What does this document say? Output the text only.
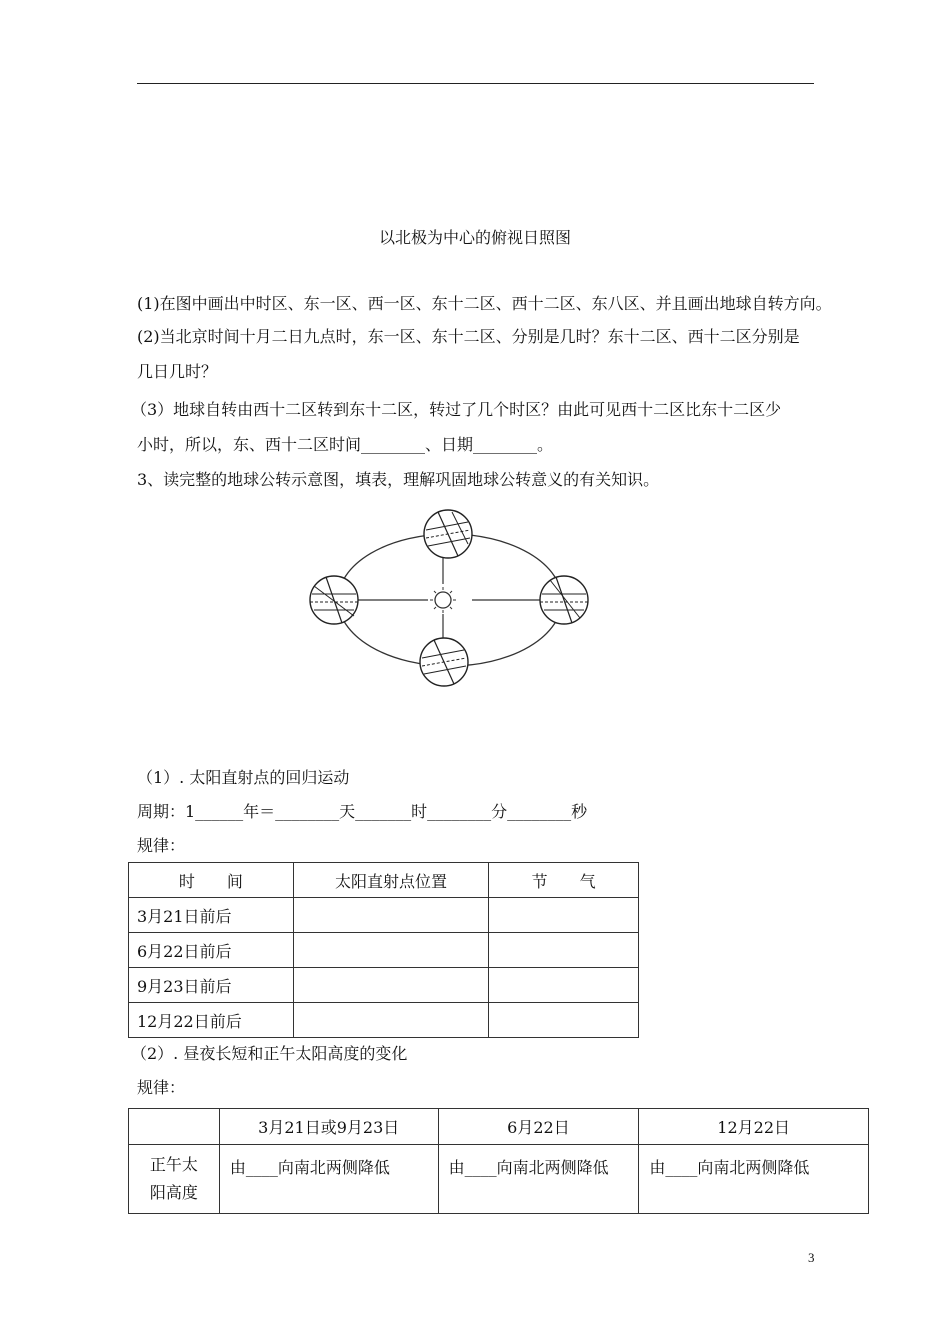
以北极为中心的俯视日照图
(1)在图中画出中时区、东一区、西一区、东十二区、西十二区、东八区、并且画出地球自转方向。
(2)当北京时间十月二日九点时，东一区、东十二区、分别是几时？东十二区、西十二区分别是
几日几时？
（3）地球自转由西十二区转到东十二区，转过了几个时区？由此可见西十二区比东十二区少
小时，所以，东、西十二区时间________、日期________。
3、读完整的地球公转示意图，填表，理解巩固地球公转意义的有关知识。
（1）. 太阳直射点的回归运动
周期：1______年＝________天_______时________分________秒
规律：
时　　间	太阳直射点位置	节　　气
3月21日前后		
6月22日前后		
9月23日前后		
12月22日前后		
（2）. 昼夜长短和正午太阳高度的变化
规律：
	3月21日或9月23日	6月22日	12月22日

正午太
阳高度	由____向南北两侧降低	由____向南北两侧降低	由____向南北两侧降低
3
